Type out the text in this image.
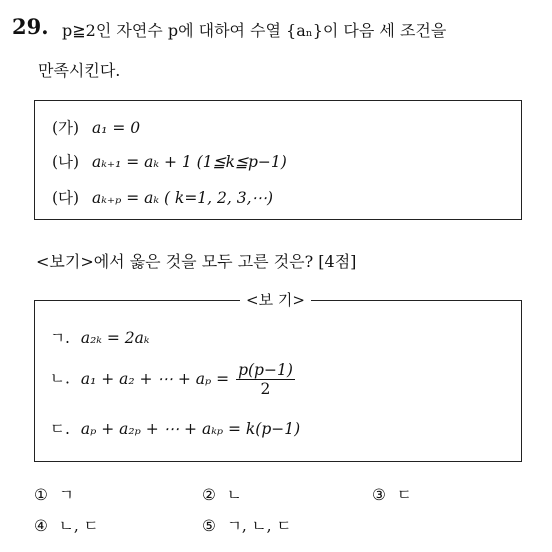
29. p≧2인 자연수 p에 대하여 수열 {aₙ}이 다음 세 조건을
만족시킨다.
(가) a₁ = 0
(나) aₖ₊₁ = aₖ + 1 (1≦k≦p−1)
(다) aₖ₊ₚ = aₖ ( k=1, 2, 3,⋯)
<보기>에서 옳은 것을 모두 고른 것은? [4점]
<보 기>
ㄱ. a₂ₖ = 2aₖ
ㄴ. a₁ + a₂ + ⋯ + $a_p = \frac{p(p-1)}{2}$
ㄷ. aₚ + a₂ₚ + ⋯ + aₖₚ = k(p−1)
① ㄱ	② ㄴ	③ ㄷ
④ ㄴ, ㄷ	⑤ ㄱ, ㄴ, ㄷ
